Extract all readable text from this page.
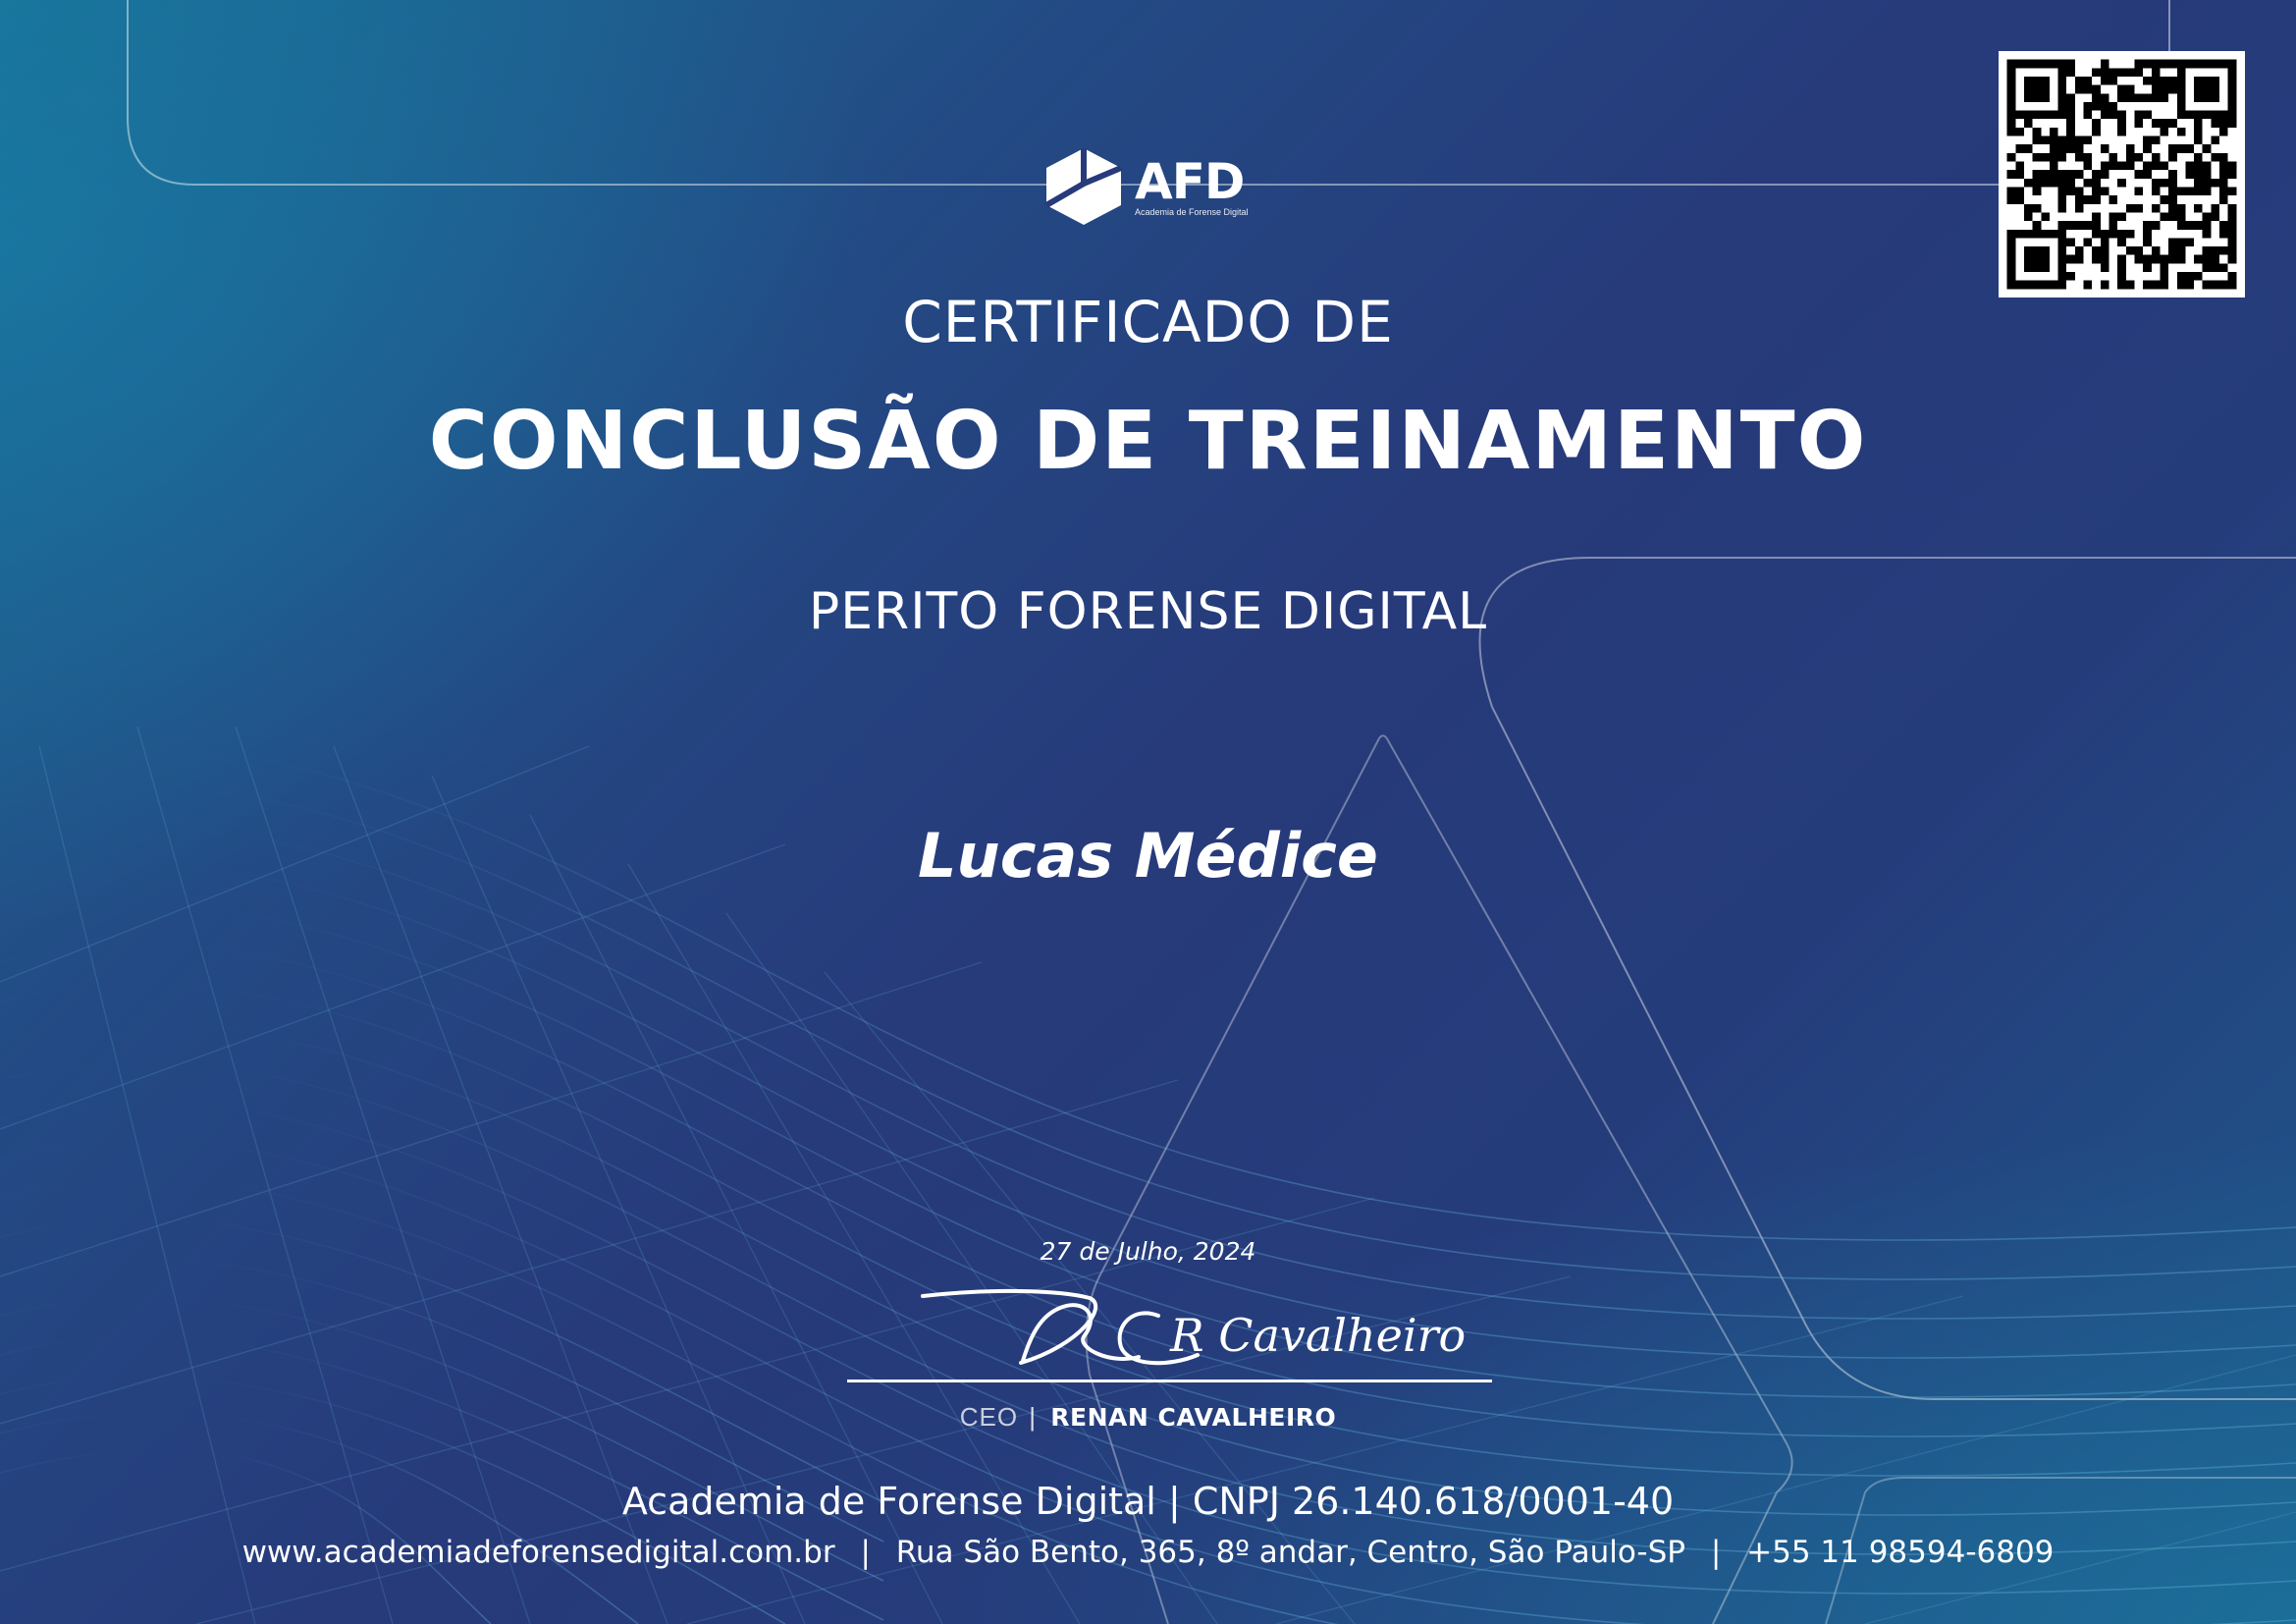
AFD
Academia de Forense Digital
CERTIFICADO DE
CONCLUSÃO DE TREINAMENTO
PERITO FORENSE DIGITAL
Lucas Médice
27 de Julho, 2024
R Cavalheiro
CEO | RENAN CAVALHEIRO
Academia de Forense Digital | CNPJ 26.140.618/0001-40
www.academiadeforensedigital.com.br | Rua São Bento, 365, 8º andar, Centro, São Paulo-SP | +55 11 98594-6809
